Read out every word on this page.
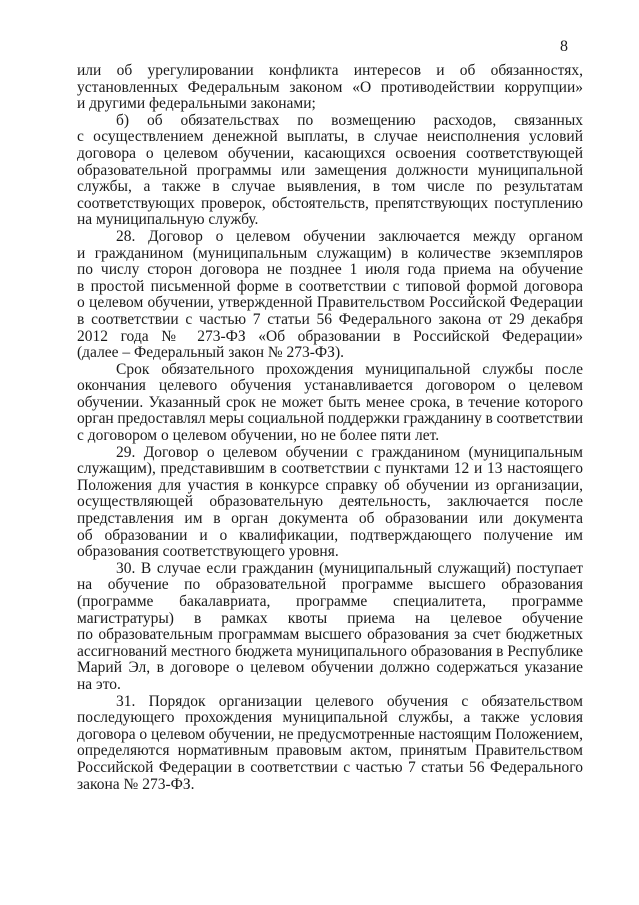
8
или об урегулировании конфликта интересов и об обязанностях,
установленных Федеральным законом «О противодействии коррупции»
и другими федеральными законами;
б) об обязательствах по возмещению расходов, связанных
с осуществлением денежной выплаты, в случае неисполнения условий
договора о целевом обучении, касающихся освоения соответствующей
образовательной программы или замещения должности муниципальной
службы, а также в случае выявления, в том числе по результатам
соответствующих проверок, обстоятельств, препятствующих поступлению
на муниципальную службу.
28. Договор о целевом обучении заключается между органом
и гражданином (муниципальным служащим) в количестве экземпляров
по числу сторон договора не позднее 1 июля года приема на обучение
в простой письменной форме в соответствии с типовой формой договора
о целевом обучении, утвержденной Правительством Российской Федерации
в соответствии с частью 7 статьи 56 Федерального закона от 29 декабря
2012 года № 273-ФЗ «Об образовании в Российской Федерации»
(далее – Федеральный закон № 273-ФЗ).
Срок обязательного прохождения муниципальной службы после
окончания целевого обучения устанавливается договором о целевом
обучении. Указанный срок не может быть менее срока, в течение которого
орган предоставлял меры социальной поддержки гражданину в соответствии
с договором о целевом обучении, но не более пяти лет.
29. Договор о целевом обучении с гражданином (муниципальным
служащим), представившим в соответствии с пунктами 12 и 13 настоящего
Положения для участия в конкурсе справку об обучении из организации,
осуществляющей образовательную деятельность, заключается после
представления им в орган документа об образовании или документа
об образовании и о квалификации, подтверждающего получение им
образования соответствующего уровня.
30. В случае если гражданин (муниципальный служащий) поступает
на обучение по образовательной программе высшего образования
(программе бакалавриата, программе специалитета, программе
магистратуры) в рамках квоты приема на целевое обучение
по образовательным программам высшего образования за счет бюджетных
ассигнований местного бюджета муниципального образования в Республике
Марий Эл, в договоре о целевом обучении должно содержаться указание
на это.
31. Порядок организации целевого обучения с обязательством
последующего прохождения муниципальной службы, а также условия
договора о целевом обучении, не предусмотренные настоящим Положением,
определяются нормативным правовым актом, принятым Правительством
Российской Федерации в соответствии с частью 7 статьи 56 Федерального
закона № 273-ФЗ.
